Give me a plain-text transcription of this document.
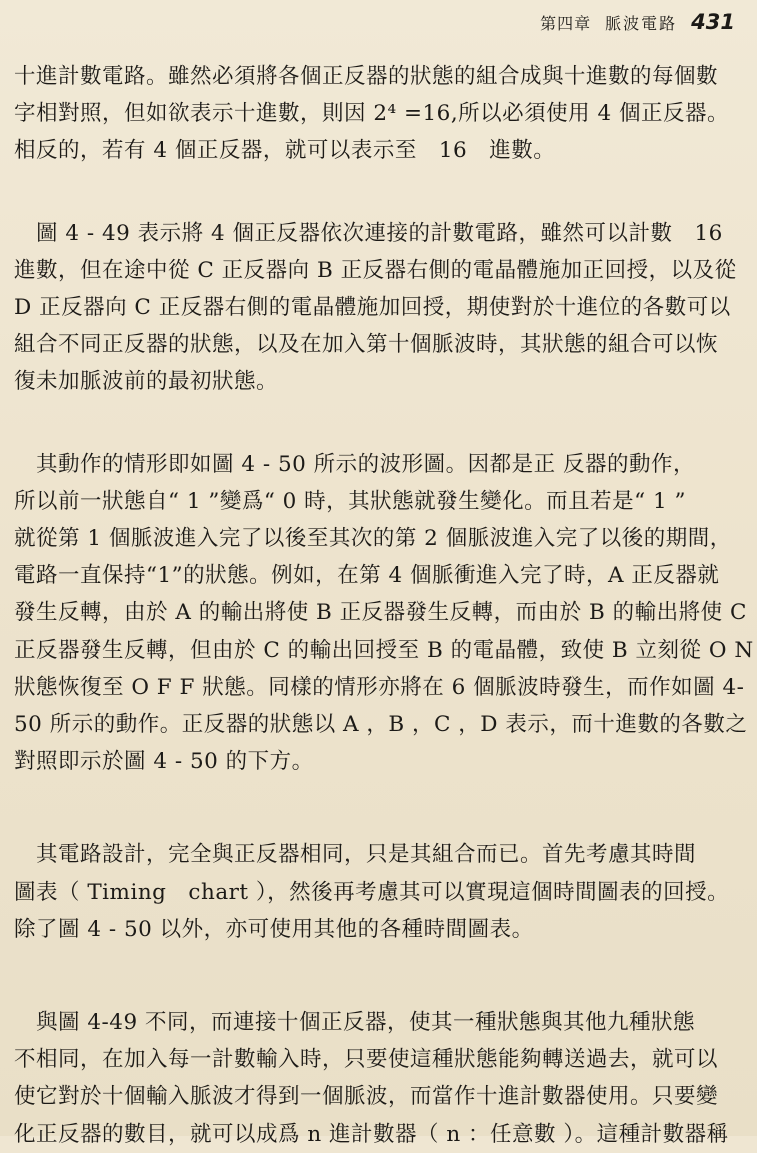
第四章 脈波電路 431

十進計數電路。雖然必須將各個正反器的狀態的組合成與十進數的每個數
字相對照，但如欲表示十進數，則因 2⁴ =16,所以必須使用 4 個正反器。
相反的，若有 4 個正反器，就可以表示至　16　進數。

　圖 4 - 49 表示將 4 個正反器依次連接的計數電路，雖然可以計數　16
進數，但在途中從 C 正反器向 B 正反器右側的電晶體施加正回授，以及從
D 正反器向 C 正反器右側的電晶體施加回授，期使對於十進位的各數可以
組合不同正反器的狀態，以及在加入第十個脈波時，其狀態的組合可以恢
復未加脈波前的最初狀態。

　其動作的情形即如圖 4 - 50 所示的波形圖。因都是正 反器的動作，
所以前一狀態自“ 1 ”變爲“ 0 時，其狀態就發生變化。而且若是“ 1 ”
就從第 1 個脈波進入完了以後至其次的第 2 個脈波進入完了以後的期間，
電路一直保持“1”的狀態。例如，在第 4 個脈衝進入完了時，A 正反器就
發生反轉，由於 A 的輸出將使 B 正反器發生反轉，而由於 B 的輸出將使 C
正反器發生反轉，但由於 C 的輸出回授至 B 的電晶體，致使 B 立刻從 O N
狀態恢復至 O F F 狀態。同樣的情形亦將在 6 個脈波時發生，而作如圖 4-
50 所示的動作。正反器的狀態以 A ，B ，C ，D 表示，而十進數的各數之
對照即示於圖 4 - 50 的下方。

　其電路設計，完全與正反器相同，只是其組合而已。首先考慮其時間
圖表（ Timing　chart ），然後再考慮其可以實現這個時間圖表的回授。
除了圖 4 - 50 以外，亦可使用其他的各種時間圖表。

　與圖 4-49 不同，而連接十個正反器，使其一種狀態與其他九種狀態
不相同，在加入每一計數輸入時，只要使這種狀態能夠轉送過去，就可以
使它對於十個輸入脈波才得到一個脈波，而當作十進計數器使用。只要變
化正反器的數目，就可以成爲 n 進計數器（ n ：任意數 ）。這種計數器稱
